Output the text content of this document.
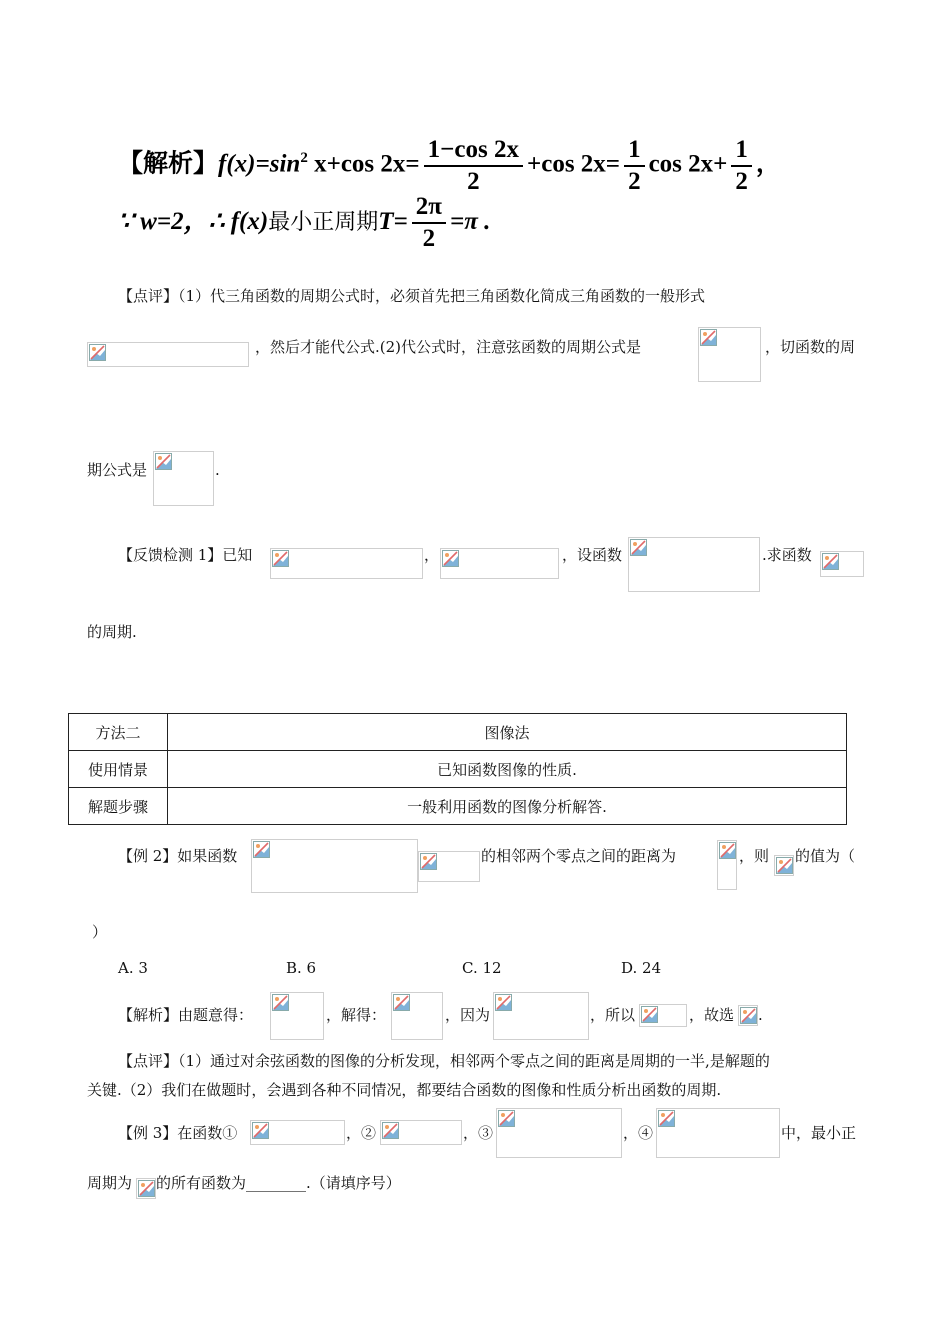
【解析】$f(x)=\sin^2$ x+cos $2x= \frac{1-\cos 2x}{2} +\cos$ $2x= \frac{1}{2}$ $\cos 2x+ \frac{1}{2}$ ，
∵ w=2，∴ f(x)最小正周期$T= \frac{2\pi}{2} =\pi$ .
【点评】（1）代三角函数的周期公式时，必须首先把三角函数化简成三角函数的一般形式
，然后才能代公式.(2)代公式时，注意弦函数的周期公式是	，切函数的周
期公式是	.
【反馈检测 1】已知	，	，设函数	.求函数
的周期.
方法二	图像法
使用情景	已知函数图像的性质.
解题步骤	一般利用函数的图像分析解答.
【例 2】如果函数	的相邻两个零点之间的距离为	，则 的值为（
）
A. 3	B. 6	C. 12	D. 24
【解析】由题意得：	，解得：	，因为	，所以	，故选 .
【点评】（1）通过对余弦函数的图像的分析发现，相邻两个零点之间的距离是周期的一半,是解题的
关键.（2）我们在做题时，会遇到各种不同情况，都要结合函数的图像和性质分析出函数的周期.
【例 3】在函数①	，②	，③	，④	中，最小正
周期为 的所有函数为________.（请填序号）
